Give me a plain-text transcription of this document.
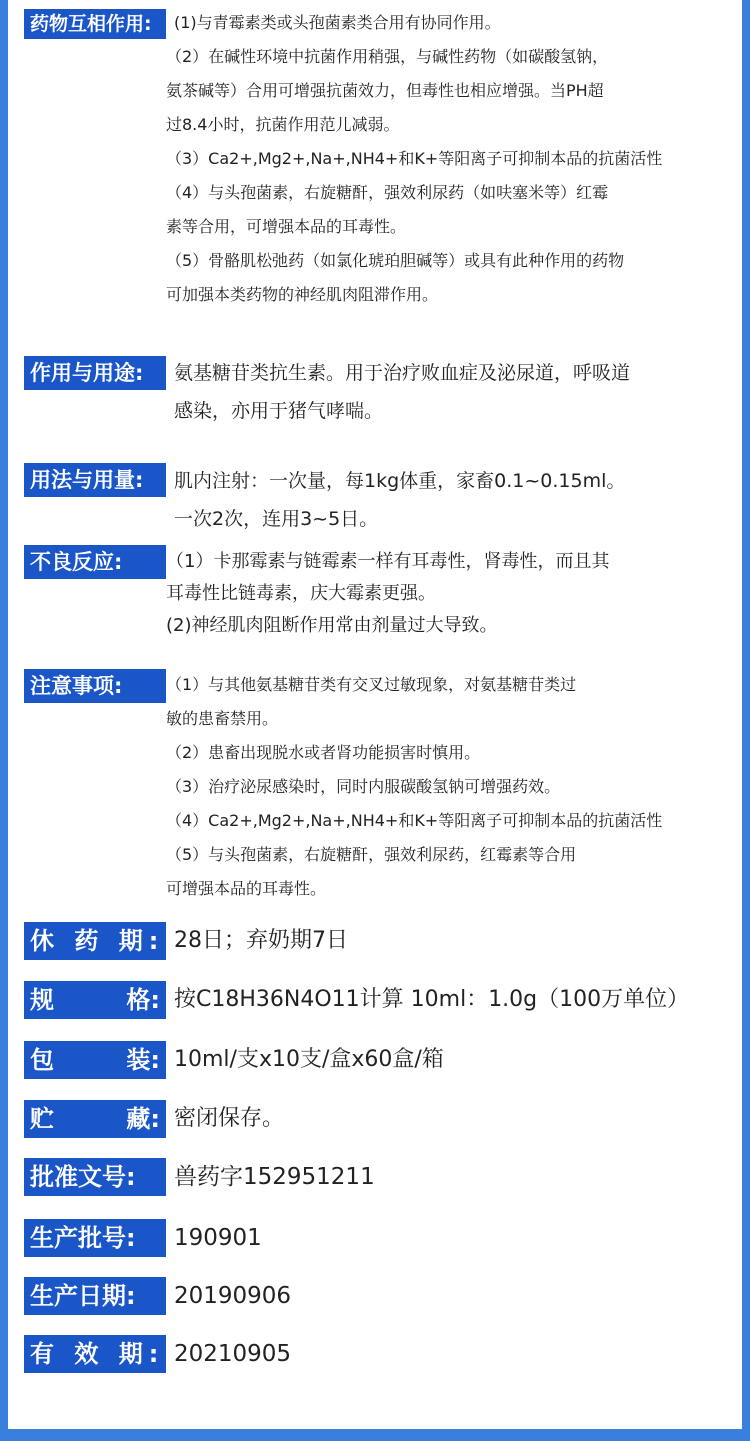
药物互相作用:	(1)与青霉素类或头孢菌素类合用有协同作用。
（2）在碱性环境中抗菌作用稍强，与碱性药物（如碳酸氢钠，
氨茶碱等）合用可增强抗菌效力，但毒性也相应增强。当PH超
过8.4小时，抗菌作用范儿减弱。
（3）Ca2+,Mg2+,Na+,NH4+和K+等阳离子可抑制本品的抗菌活性
（4）与头孢菌素，右旋糖酐，强效利尿药（如呋塞米等）红霉
素等合用，可增强本品的耳毒性。
（5）骨骼肌松弛药（如氯化琥珀胆碱等）或具有此种作用的药物
可加强本类药物的神经肌肉阻滞作用。
作用与用途:	氨基糖苷类抗生素。用于治疗败血症及泌尿道，呼吸道
感染，亦用于猪气哮喘。
用法与用量:	肌内注射：一次量，每1kg体重，家畜0.1~0.15ml。
一次2次，连用3~5日。
不良反应:	（1）卡那霉素与链霉素一样有耳毒性，肾毒性，而且其
耳毒性比链毒素，庆大霉素更强。
(2)神经肌肉阻断作用常由剂量过大导致。
注意事项:	（1）与其他氨基糖苷类有交叉过敏现象，对氨基糖苷类过
敏的患畜禁用。
（2）患畜出现脱水或者肾功能损害时慎用。
（3）治疗泌尿感染时，同时内服碳酸氢钠可增强药效。
（4）Ca2+,Mg2+,Na+,NH4+和K+等阳离子可抑制本品的抗菌活性
（5）与头孢菌素，右旋糖酐，强效利尿药，红霉素等合用
可增强本品的耳毒性。
休 药 期 : 28日；弃奶期7日
规	格: 按C18H36N4O11计算 10ml：1.0g（100万单位）
包	装: 10ml/支x10支/盒x60盒/箱
贮	藏: 密闭保存。
批准文号:	兽药字152951211
生产批号:	190901
生产日期:	20190906
有 效 期 : 20210905
